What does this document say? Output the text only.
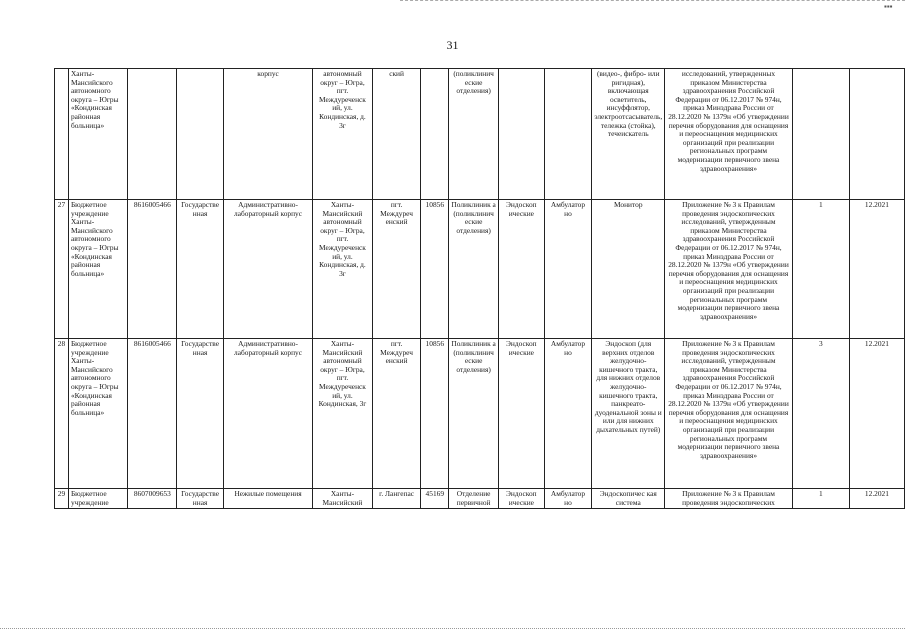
▪▪▪
31
	Ханты-Мансийского автономного округа – Югры «Кондинская районная больница»			корпус	автономный округ – Югра, пгт. Междуреченск ий, ул. Кондинская, д. 3г	ский		(поликлинич еские отделения)			(видео-, фибро- или ригидная), включающая осветитель, инсуффлятор, электроотсасыватель, тележка (стойка), течеискатель	исследований, утвержденных приказом Министерства здравоохранения Российской Федерации от 06.12.2017 № 974н, приказ Минздрава России от 28.12.2020 № 1379н «Об утверждении перечня оборудования для оснащения и переоснащения медицинских организаций при реализации региональных программ модернизации первичного звена здравоохранения»		
27	Бюджетное учреждение Ханты-Мансийского автономного округа – Югры «Кондинская районная больница»	8616005466	Государстве нная	Административно-лабораторный корпус	Ханты-Мансийский автономный округ – Югра, пгт. Междуреченск ий, ул. Кондинская, д. 3г	пгт. Междуреч енский	10856	Поликлиник а (поликлинич еские отделения)	Эндоскоп ические	Амбулатор но	Монитор	Приложение № 3 к Правилам проведения эндоскопических исследований, утвержденным приказом Министерства здравоохранения Российской Федерации от 06.12.2017 № 974н, приказ Минздрава России от 28.12.2020 № 1379н «Об утверждении перечня оборудования для оснащения и переоснащения медицинских организаций при реализации региональных программ модернизации первичного звена здравоохранения»	1	12.2021
28	Бюджетное учреждение Ханты-Мансийского автономного округа – Югры «Кондинская районная больница»	8616005466	Государстве нная	Административно-лабораторный корпус	Ханты-Мансийский автономный округ – Югра, пгт. Междуреченск ий, ул. Кондинская, 3г	пгт. Междуреч енский	10856	Поликлиник а (поликлинич еские отделения)	Эндоскоп ические	Амбулатор но	Эндоскоп (для верхних отделов желудочно-кишечного тракта, для нижних отделов желудочно-кишечного тракта, панкреато-дуоденальной зоны и или для нижних дыхательных путей)	Приложение № 3 к Правилам проведения эндоскопических исследований, утвержденным приказом Министерства здравоохранения Российской Федерации от 06.12.2017 № 974н, приказ Минздрава России от 28.12.2020 № 1379н «Об утверждении перечня оборудования для оснащения и переоснащения медицинских организаций при реализации региональных программ модернизации первичного звена здравоохранения»	3	12.2021
29	Бюджетное учреждение	8607009653	Государстве нная	Нежилые помещения	Ханты-Мансийский	г. Лангепас	45169	Отделение первичной	Эндоскоп ические	Амбулатор но	Эндоскопичес кая система	Приложение № 3 к Правилам проведения эндоскопических	1	12.2021
